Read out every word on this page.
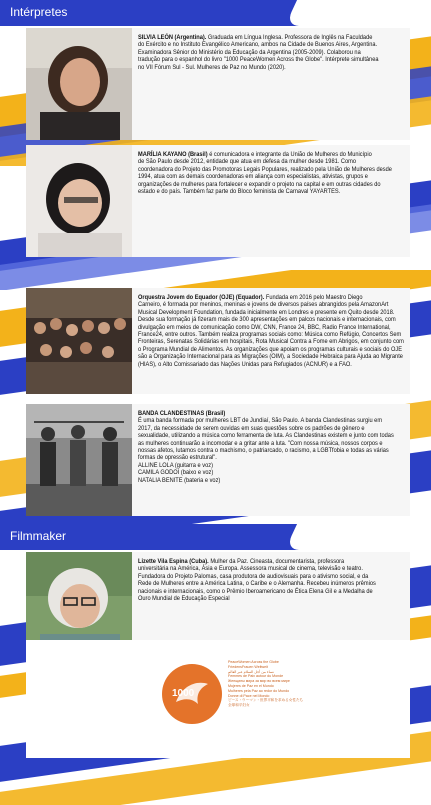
Intérpretes
SILVIA LEÓN (Argentina). Graduada em Língua Inglesa. Professora de Inglês na Faculdade
do Exército e no Instituto Evangélico Americano, ambos na Cidade de Buenos Aires, Argentina.
Examinadora Sênior do Ministério da Educação da Argentina (2005-2009). Colaborou na
tradução para o espanhol do livro "1000 PeaceWomen Across the Globe". Intérprete simultânea
no VII Fórum Sul - Sul. Mulheres de Paz no Mundo (2020).
MARÍLIA KAYANO (Brasil) é comunicadora e integrante da União de Mulheres do Município
de São Paulo desde 2012, entidade que atua em defesa da mulher desde 1981. Como
coordenadora do Projeto das Promotoras Legais Populares, realizado pela União de Mulheres desde
1994, atua com as demais coordenadoras em aliança com especialistas, ativistas, grupos e
organizações de mulheres para fortalecer e expandir o projeto na capital e em outras cidades do
estado e do país. Também faz parte do Bloco feminista de Carnaval YAYARTES.
Orquestra Jovem do Equador (OJE) (Equador). Fundada em 2016 pelo Maestro Diego
Carneiro, é formada por meninos, meninas e jovens de diversos países abrangidos pela AmazonArt
Musical Development Foundation, fundada inicialmente em Londres e presente em Quito desde 2018.
Desde sua formação já fizeram mais de 300 apresentações em palcos nacionais e internacionais, com
divulgação em meios de comunicação como DW, CNN, France 24, BBC, Radio France International,
France24, entre outros. Também realiza programas sociais como: Música como Refúgio, Concertos Sem
Fronteiras, Serenatas Solidárias em hospitais, Rota Musical Contra a Fome em Abrigos, em conjunto com
o Programa Mundial de Alimentos. As organizações que apoiam os programas culturais e sociais do OJE
são a Organização Internacional para as Migrações (OIM), a Sociedade Hebraica para Ajuda ao Migrante
(HIAS), o Alto Comissariado das Nações Unidas para Refugiados (ACNUR) e a FAO.
BANDA CLANDESTINAS (Brasil)
É uma banda formada por mulheres LBT de Jundiaí, São Paulo. A banda Clandestinas surgiu em
2017, da necessidade de serem ouvidas em suas questões sobre os padrões de gênero e
sexualidade, utilizando a música como ferramenta de luta. As Clandestinas existem e junto com todas
as mulheres continuarão a incomodar e a gritar ante a luta. "Com nossa música, nossos corpos e
nossas afetos, lutamos contra o machismo, o patriarcado, o racismo, a LGBTfobia e todas as várias
formas de opressão estrutural".
ALLINE LOLA (guitarra e voz)
CAMILA GODOI (baixo e voz)
NATALIA BENITE (bateria e voz)
Filmmaker
Lizette Vila Espina (Cuba). Mulher da Paz. Cineasta, documentarista, professora
universitária na América, Ásia e Europa. Assessora musical de cinema, televisão e teatro.
Fundadora do Projeto Palomas, casa produtora de audiovisuais para o ativismo social, e da
Rede de Mulheres entre a América Latina, o Caribe e o Alemanha. Recebeu inúmeros prêmios
nacionais e internacionais, como o Prêmio Iberoamericano de Ética Elena Gil e a Medalha de
Ouro Mundial de Educação Especial
1000
PeaceWomen Across the Globe
FriedensFrauen Weltweit
نساء من أجل السلام عبر العالم
Femmes de Paix autour du Monde
Женщины мира за мир во всем мире
Mujeres de Paz en el Mundo
Mulheres pela Paz ao redor do Mundo
Donne di Pace nel Mondo
ピース・ウーマン・世界平和を求める女性たち
全球和平妇女
